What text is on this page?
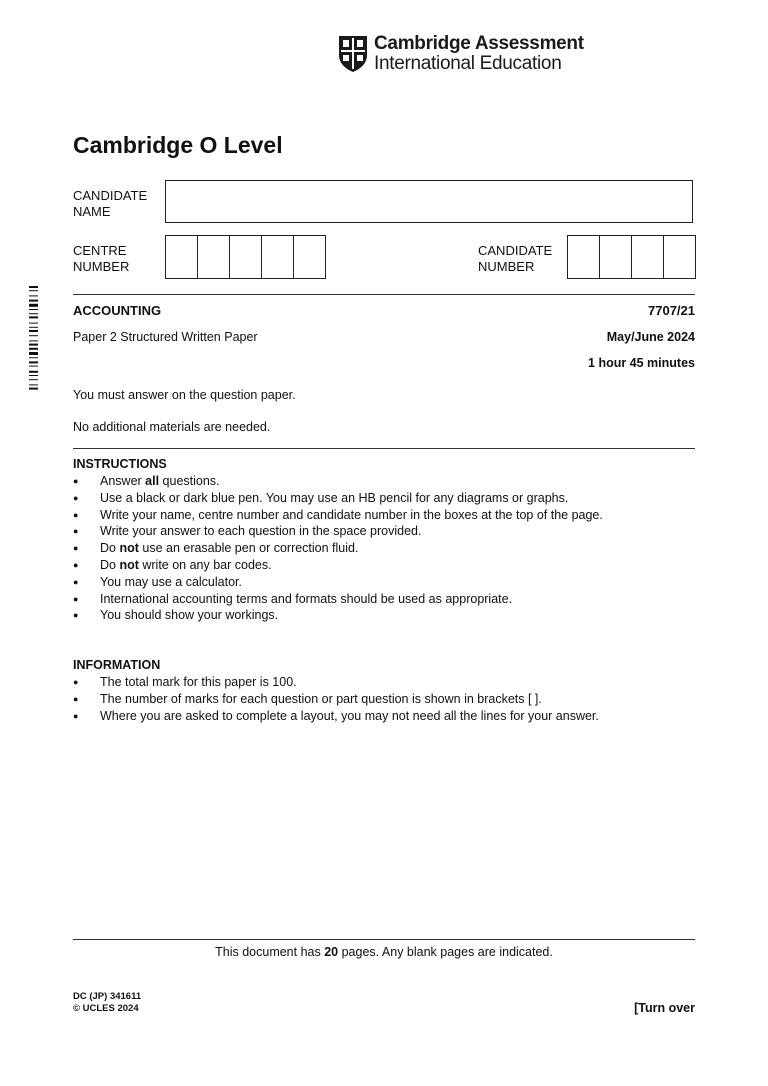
Cambridge Assessment
International Education
Cambridge O Level
CANDIDATE
NAME
CENTRE
NUMBER
CANDIDATE
NUMBER
ACCOUNTING	7707/21
Paper 2 Structured Written Paper	May/June 2024
1 hour 45 minutes
You must answer on the question paper.
No additional materials are needed.
INSTRUCTIONS
● Answer all questions.
● Use a black or dark blue pen. You may use an HB pencil for any diagrams or graphs.
● Write your name, centre number and candidate number in the boxes at the top of the page.
● Write your answer to each question in the space provided.
● Do not use an erasable pen or correction fluid.
● Do not write on any bar codes.
● You may use a calculator.
● International accounting terms and formats should be used as appropriate.
● You should show your workings.
INFORMATION
● The total mark for this paper is 100.
● The number of marks for each question or part question is shown in brackets [ ].
● Where you are asked to complete a layout, you may not need all the lines for your answer.
This document has 20 pages. Any blank pages are indicated.
DC (JP) 341611
© UCLES 2024	[Turn over
